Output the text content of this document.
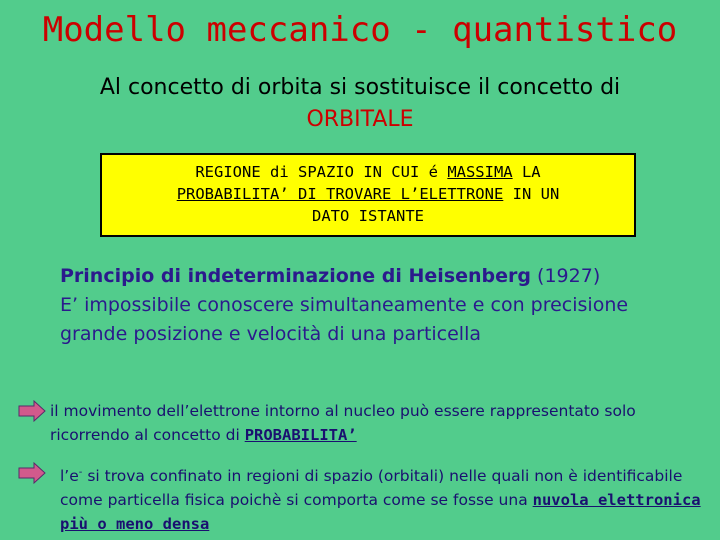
Modello meccanico - quantistico
Al concetto di orbita si sostituisce il concetto di
ORBITALE
REGIONE di SPAZIO IN CUI é MASSIMA LA
PROBABILITA’ DI TROVARE L’ELETTRONE IN UN
DATO ISTANTE
Principio di indeterminazione di Heisenberg (1927)
E’ impossibile conoscere simultaneamente e con precisione grande posizione e velocità di una particella
il movimento dell’elettrone intorno al nucleo può essere rappresentato solo ricorrendo al concetto di PROBABILITA’
l’e- si trova confinato in regioni di spazio (orbitali) nelle quali non è identificabile come particella fisica poichè si comporta come se fosse una nuvola elettronica più o meno densa
